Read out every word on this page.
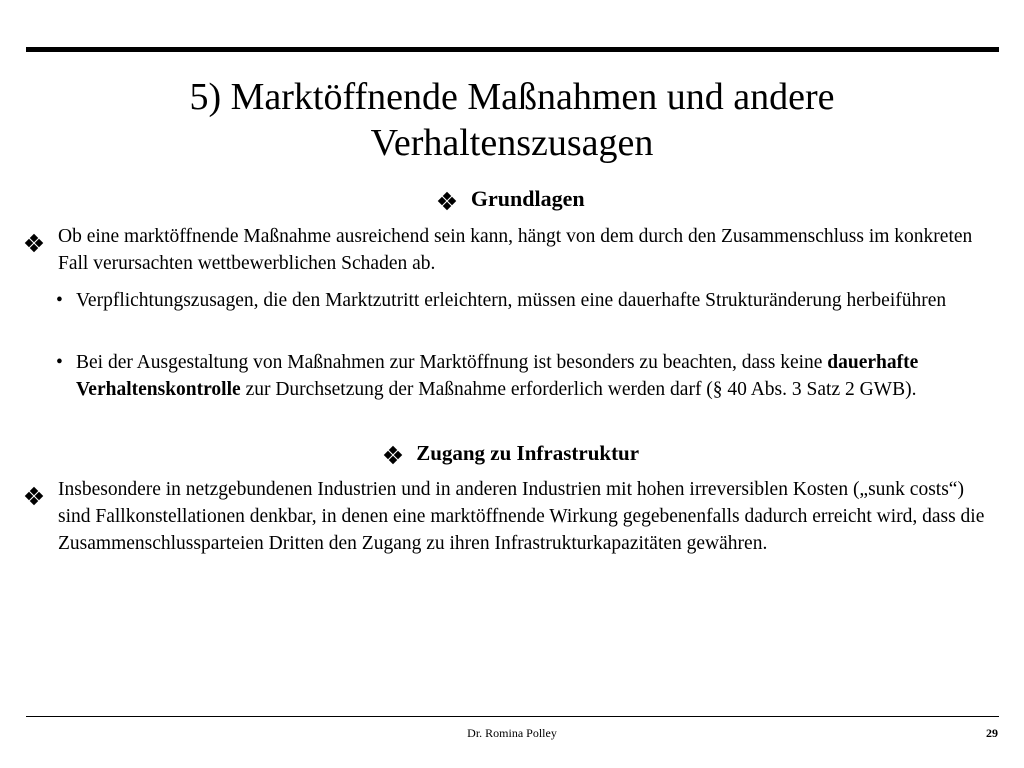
5) Marktöffnende Maßnahmen und andere
Verhaltenszusagen
Grundlagen
Ob eine marktöffnende Maßnahme ausreichend sein kann, hängt von dem durch den Zusammenschluss im konkreten Fall verursachten wettbewerblichen Schaden ab.
• Verpflichtungszusagen, die den Marktzutritt erleichtern, müssen eine dauerhafte Strukturänderung herbeiführen
• Bei der Ausgestaltung von Maßnahmen zur Marktöffnung ist besonders zu beachten, dass keine dauerhafte Verhaltenskontrolle zur Durchsetzung der Maßnahme erforderlich werden darf (§ 40 Abs. 3 Satz 2 GWB).
Zugang zu Infrastruktur
Insbesondere in netzgebundenen Industrien und in anderen Industrien mit hohen irreversiblen Kosten („sunk costs“) sind Fallkonstellationen denkbar, in denen eine marktöffnende Wirkung gegebenenfalls dadurch erreicht wird, dass die Zusammenschlussparteien Dritten den Zugang zu ihren Infrastrukturkapazitäten gewähren.
Dr. Romina Polley	29
